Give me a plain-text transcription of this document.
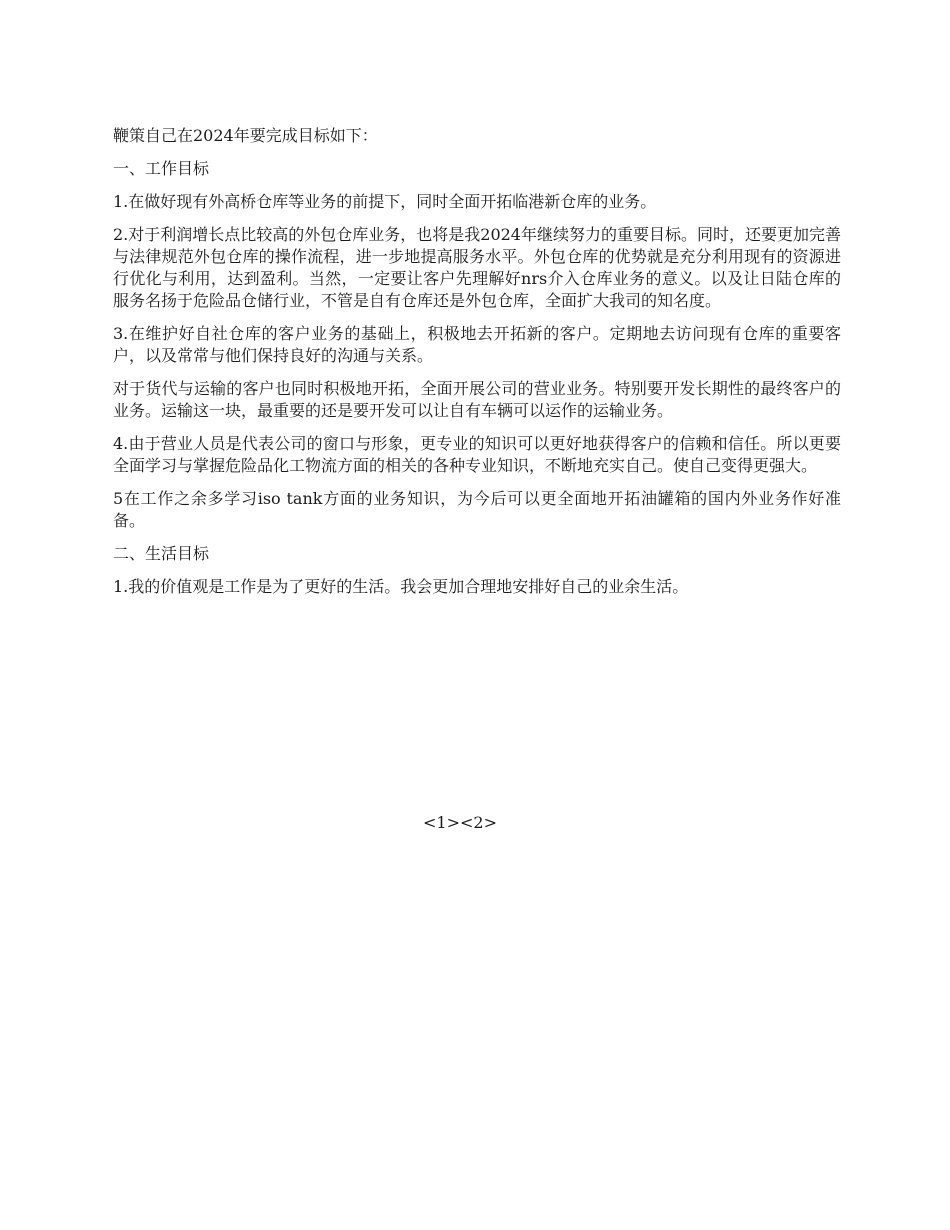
鞭策自己在2024年要完成目标如下：

一、工作目标

1.在做好现有外高桥仓库等业务的前提下，同时全面开拓临港新仓库的业务。

2.对于利润增长点比较高的外包仓库业务，也将是我2024年继续努力的重要目标。同时，还要更加完善与法律规范外包仓库的操作流程，进一步地提高服务水平。外包仓库的优势就是充分利用现有的资源进行优化与利用，达到盈利。当然，一定要让客户先理解好nrs介入仓库业务的意义。以及让日陆仓库的服务名扬于危险品仓储行业，不管是自有仓库还是外包仓库，全面扩大我司的知名度。

3.在维护好自社仓库的客户业务的基础上，积极地去开拓新的客户。定期地去访问现有仓库的重要客户，以及常常与他们保持良好的沟通与关系。

对于货代与运输的客户也同时积极地开拓，全面开展公司的营业业务。特别要开发长期性的最终客户的业务。运输这一块，最重要的还是要开发可以让自有车辆可以运作的运输业务。

4.由于营业人员是代表公司的窗口与形象，更专业的知识可以更好地获得客户的信赖和信任。所以更要全面学习与掌握危险品化工物流方面的相关的各种专业知识，不断地充实自己。使自己变得更强大。

5在工作之余多学习iso tank方面的业务知识，为今后可以更全面地开拓油罐箱的国内外业务作好准备。

二、生活目标

1.我的价值观是工作是为了更好的生活。我会更加合理地安排好自己的业余生活。

<1><2>
